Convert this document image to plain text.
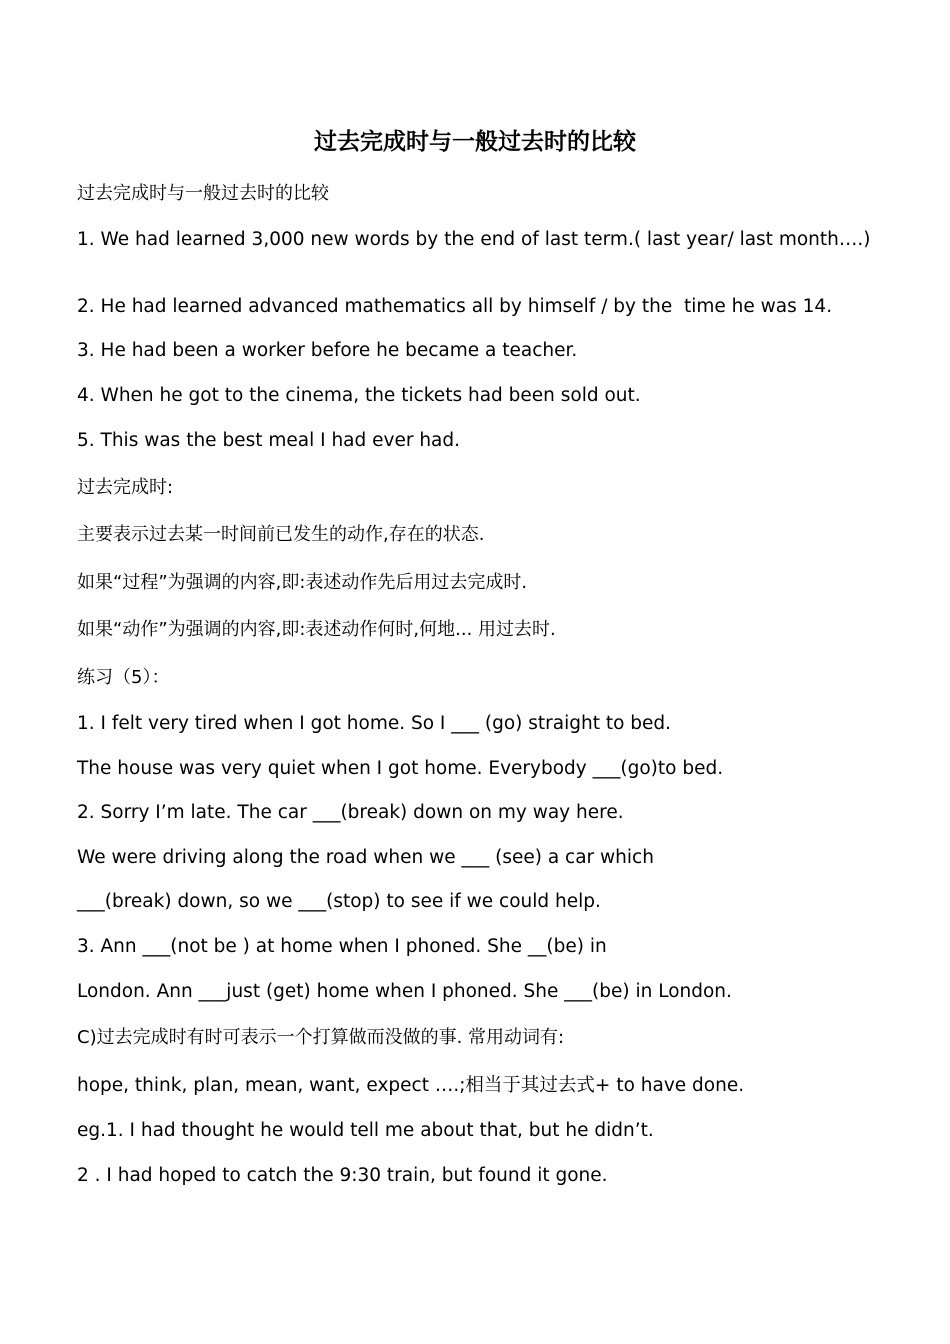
过去完成时与一般过去时的比较
过去完成时与一般过去时的比较
1. We had learned 3,000 new words by the end of last term.( last year/ last month….)
2. He had learned advanced mathematics all by himself / by the  time he was 14.
3. He had been a worker before he became a teacher.
4. When he got to the cinema, the tickets had been sold out.
5. This was the best meal I had ever had.
过去完成时:
主要表示过去某一时间前已发生的动作,存在的状态.
如果“过程”为强调的内容,即:表述动作先后用过去完成时.
如果“动作”为强调的内容,即:表述动作何时,何地... 用过去时.
练习（5）：
1. I felt very tired when I got home. So I ___ (go) straight to bed.
The house was very quiet when I got home. Everybody ___(go)to bed.
2. Sorry I’m late. The car ___(break) down on my way here.
We were driving along the road when we ___ (see) a car which
___(break) down, so we ___(stop) to see if we could help.
3. Ann ___(not be ) at home when I phoned. She __(be) in
London. Ann ___just (get) home when I phoned. She ___(be) in London.
C)过去完成时有时可表示一个打算做而没做的事. 常用动词有:
hope, think, plan, mean, want, expect ….;相当于其过去式+ to have done.
eg.1. I had thought he would tell me about that, but he didn’t.
2 . I had hoped to catch the 9:30 train, but found it gone.
